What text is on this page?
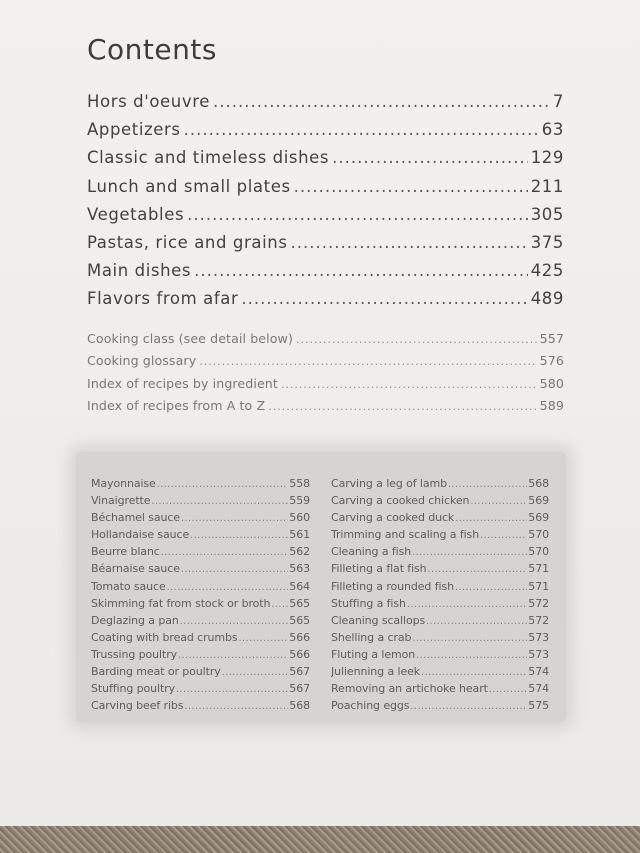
Contents
Hors d'oeuvre .....	7
Appetizers .....	63
Classic and timeless dishes .....	129
Lunch and small plates .....	211
Vegetables .....	305
Pastas, rice and grains .....	375
Main dishes .....	425
Flavors from afar .....	489
Cooking class (see detail below) .....	557
Cooking glossary .....	576
Index of recipes by ingredient .....	580
Index of recipes from A to Z .....	589
Mayonnaise .....	558
Vinaigrette .....	559
Béchamel sauce .....	560
Hollandaise sauce .....	561
Beurre blanc .....	562
Béarnaise sauce .....	563
Tomato sauce .....	564
Skimming fat from stock or broth ..... 565
Deglazing a pan .....	565
Coating with bread crumbs .....	566
Trussing poultry .....	566
Barding meat or poultry .....	567
Stuffing poultry .....	567
Carving beef ribs .....	568
Carving a leg of lamb .....	568
Carving a cooked chicken .....	569
Carving a cooked duck .....	569
Trimming and scaling a fish .....	570
Cleaning a fish .....	570
Filleting a flat fish .....	571
Filleting a rounded fish .....	571
Stuffing a fish .....	572
Cleaning scallops .....	572
Shelling a crab .....	573
Fluting a lemon .....	573
Julienning a leek .....	574
Removing an artichoke heart .....	574
Poaching eggs .....	575
